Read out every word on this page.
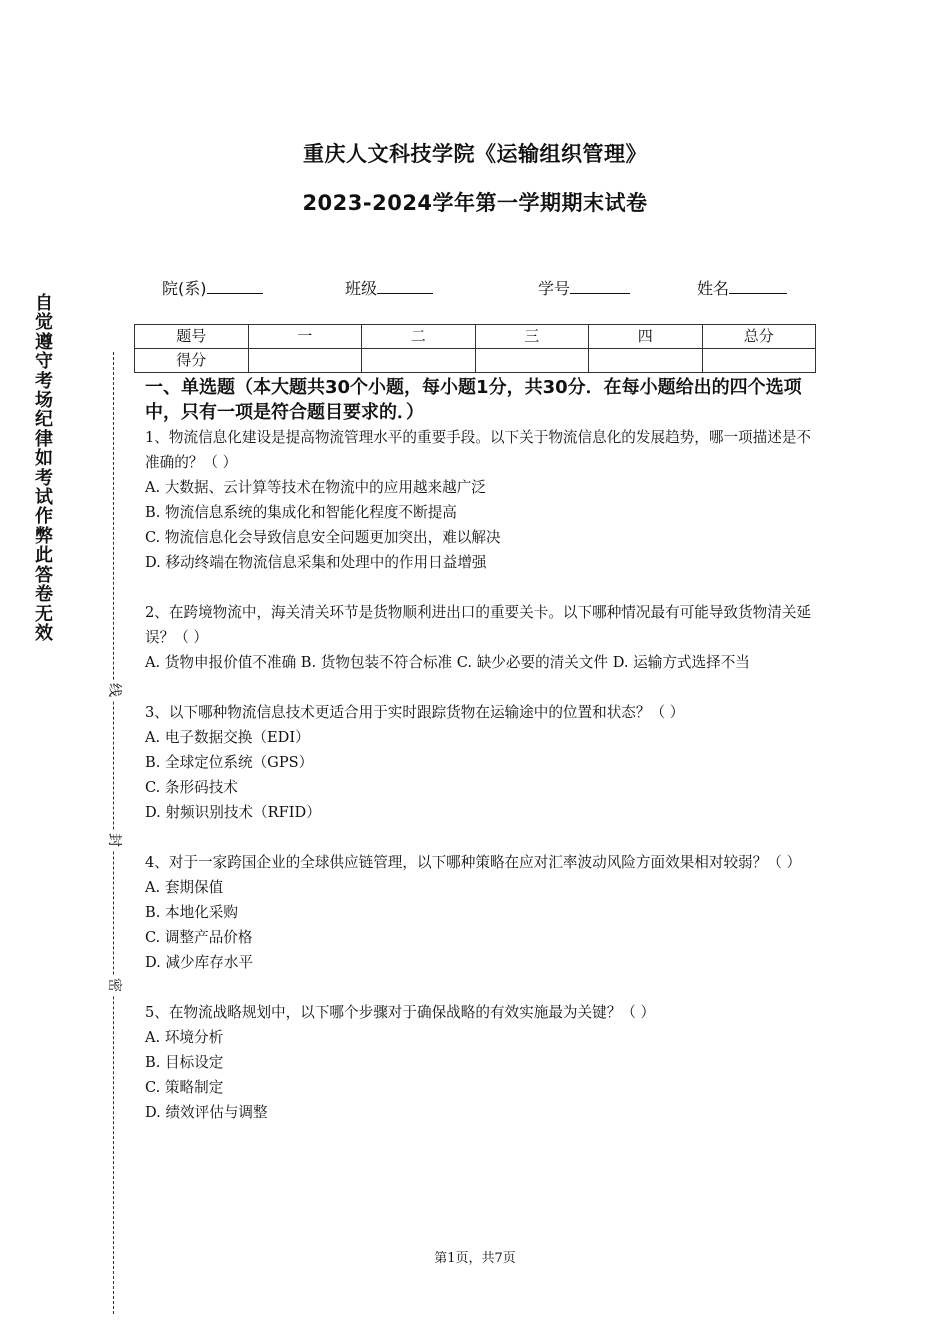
重庆人文科技学院《运输组织管理》
2023-2024学年第一学期期末试卷
院(系)	班级	学号	姓名
题号	一	二	三	四	总分
得分					
自觉遵守考场纪律如考试作弊此答卷无效
线
封
密
一、单选题（本大题共30个小题，每小题1分，共30分．在每小题给出的四个选项中，只有一项是符合题目要求的．）

1、物流信息化建设是提高物流管理水平的重要手段。以下关于物流信息化的发展趋势，哪一项描述是不准确的？（ ）

A. 大数据、云计算等技术在物流中的应用越来越广泛

B. 物流信息系统的集成化和智能化程度不断提高

C. 物流信息化会导致信息安全问题更加突出，难以解决

D. 移动终端在物流信息采集和处理中的作用日益增强

2、在跨境物流中，海关清关环节是货物顺利进出口的重要关卡。以下哪种情况最有可能导致货物清关延误？（ ）

A. 货物申报价值不准确 B. 货物包装不符合标准 C. 缺少必要的清关文件 D. 运输方式选择不当

3、以下哪种物流信息技术更适合用于实时跟踪货物在运输途中的位置和状态？（ ）

A. 电子数据交换（EDI）

B. 全球定位系统（GPS）

C. 条形码技术

D. 射频识别技术（RFID）

4、对于一家跨国企业的全球供应链管理，以下哪种策略在应对汇率波动风险方面效果相对较弱？（ ）

A. 套期保值

B. 本地化采购

C. 调整产品价格

D. 减少库存水平

5、在物流战略规划中，以下哪个步骤对于确保战略的有效实施最为关键？（ ）

A. 环境分析

B. 目标设定

C. 策略制定

D. 绩效评估与调整

第1页，共7页
